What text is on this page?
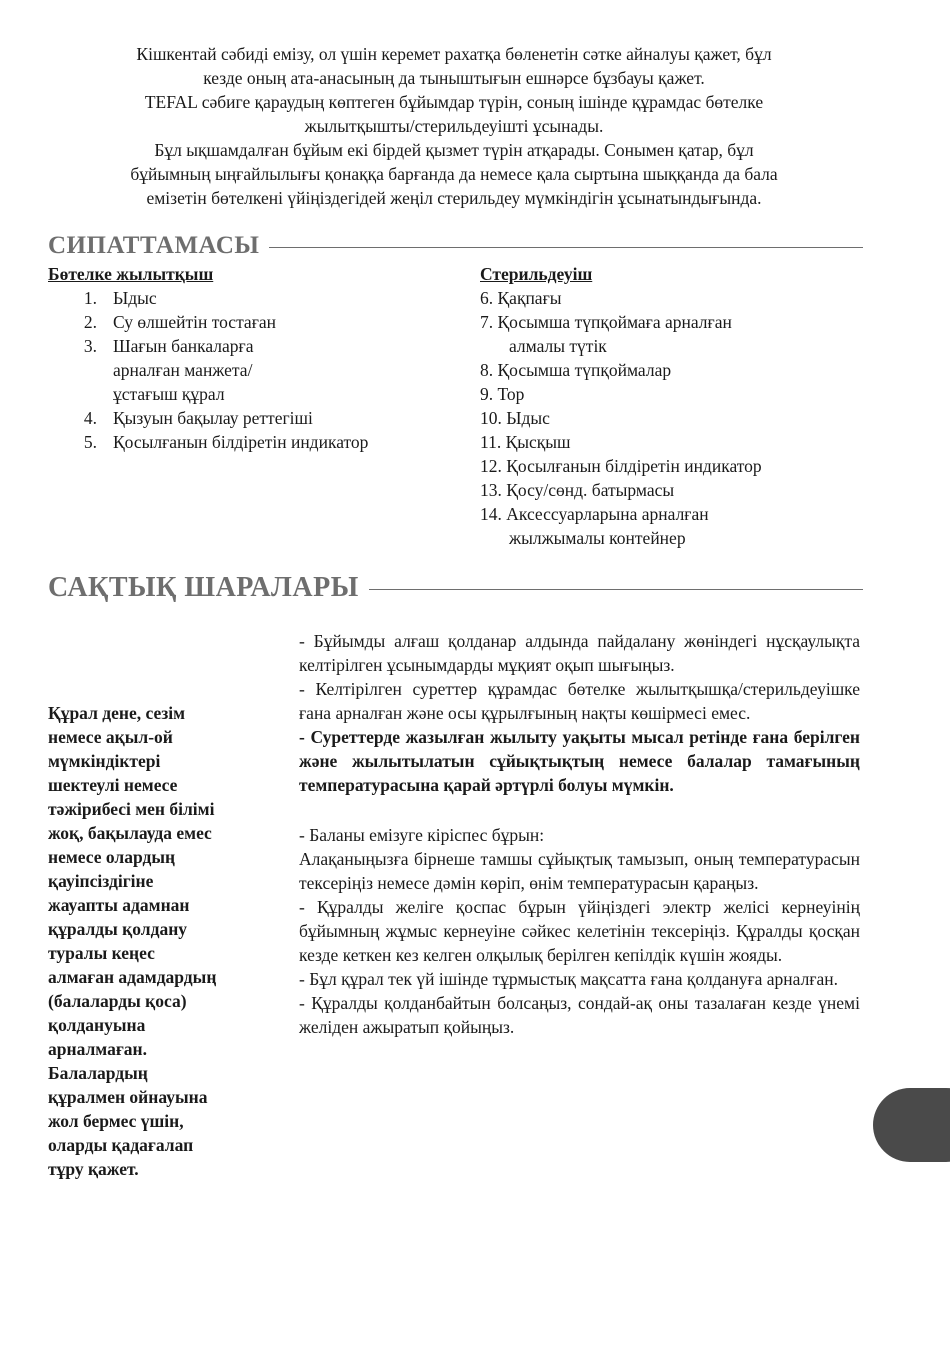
Кішкентай сәбиді емізу, ол үшін керемет рахатқа бөленетін сәтке айналуы қажет, бұл

кезде оның ата-анасының да тыныштығын ешнәрсе бұзбауы қажет.

TEFAL сәбиге қараудың көптеген бұйымдар түрін, соның ішінде құрамдас бөтелке

жылытқышты/стерильдеуішті ұсынады.

Бұл ықшамдалған бұйым екі бірдей қызмет түрін атқарады. Сонымен қатар, бұл

бұйымның ыңғайлылығы қонаққа барғанда да немесе қала сыртына шыққанда да бала

емізетін бөтелкені үйіңіздегідей жеңіл стерильдеу мүмкіндігін ұсынатындығында.

СИПАТТАМАСЫ
Бөтелке жылытқыш
1. Ыдыс
2. Су өлшейтін тостаған
3. Шағын банкаларға
арналған манжета/
ұстағыш құрал
4. Қызуын бақылау реттегіші
5. Қосылғанын білдіретін индикатор
Стерильдеуіш
6. Қақпағы
7. Қосымша түпқоймаға арналған
алмалы түтік
8. Қосымша түпқоймалар
9. Тор
10. Ыдыс
11. Қысқыш
12. Қосылғанын білдіретін индикатор
13. Қосу/сөнд. батырмасы
14. Аксессуарларына арналған
жылжымалы контейнер
САҚТЫҚ ШАРАЛАРЫ

Құрал дене, сезім

немесе ақыл-ой

мүмкіндіктері

шектеулі немесе

тәжірибесі мен білімі

жоқ, бақылауда емес

немесе олардың

қауіпсіздігіне

жауапты адамнан

құралды қолдану

туралы кеңес

алмаған адамдардың

(балаларды қоса)

қолдануына

арналмаған.

Балалардың

құралмен ойнауына

жол бермес үшін,

оларды қадағалап

тұру қажет.

- Бұйымды алғаш қолданар алдында пайдалану жөніндегі нұсқаулықта келтірілген ұсынымдарды мұқият оқып шығыңыз.

- Келтірілген суреттер құрамдас бөтелке жылытқышқа/стерильдеуішке ғана арналған және осы құрылғының нақты көшірмесі емес.

- Суреттерде жазылған жылыту уақыты мысал ретінде ғана берілген және жылытылатын сұйықтықтың немесе балалар тамағының температурасына қарай әртүрлі болуы мүмкін.

- Баланы емізуге кіріспес бұрын:

Алақаныңызға бірнеше тамшы сұйықтық тамызып, оның температурасын тексеріңіз немесе дәмін көріп, өнім температурасын қараңыз.

- Құралды желіге қоспас бұрын үйіңіздегі электр желісі кернеуінің бұйымның жұмыс кернеуіне сәйкес келетінін тексеріңіз. Құралды қосқан кезде кеткен кез келген олқылық берілген кепілдік күшін жояды.

- Бұл құрал тек үй ішінде тұрмыстық мақсатта ғана қолдануға арналған.

- Құралды қолданбайтын болсаңыз, сондай-ақ оны тазалаған кезде үнемі желіден ажыратып қойыңыз.
